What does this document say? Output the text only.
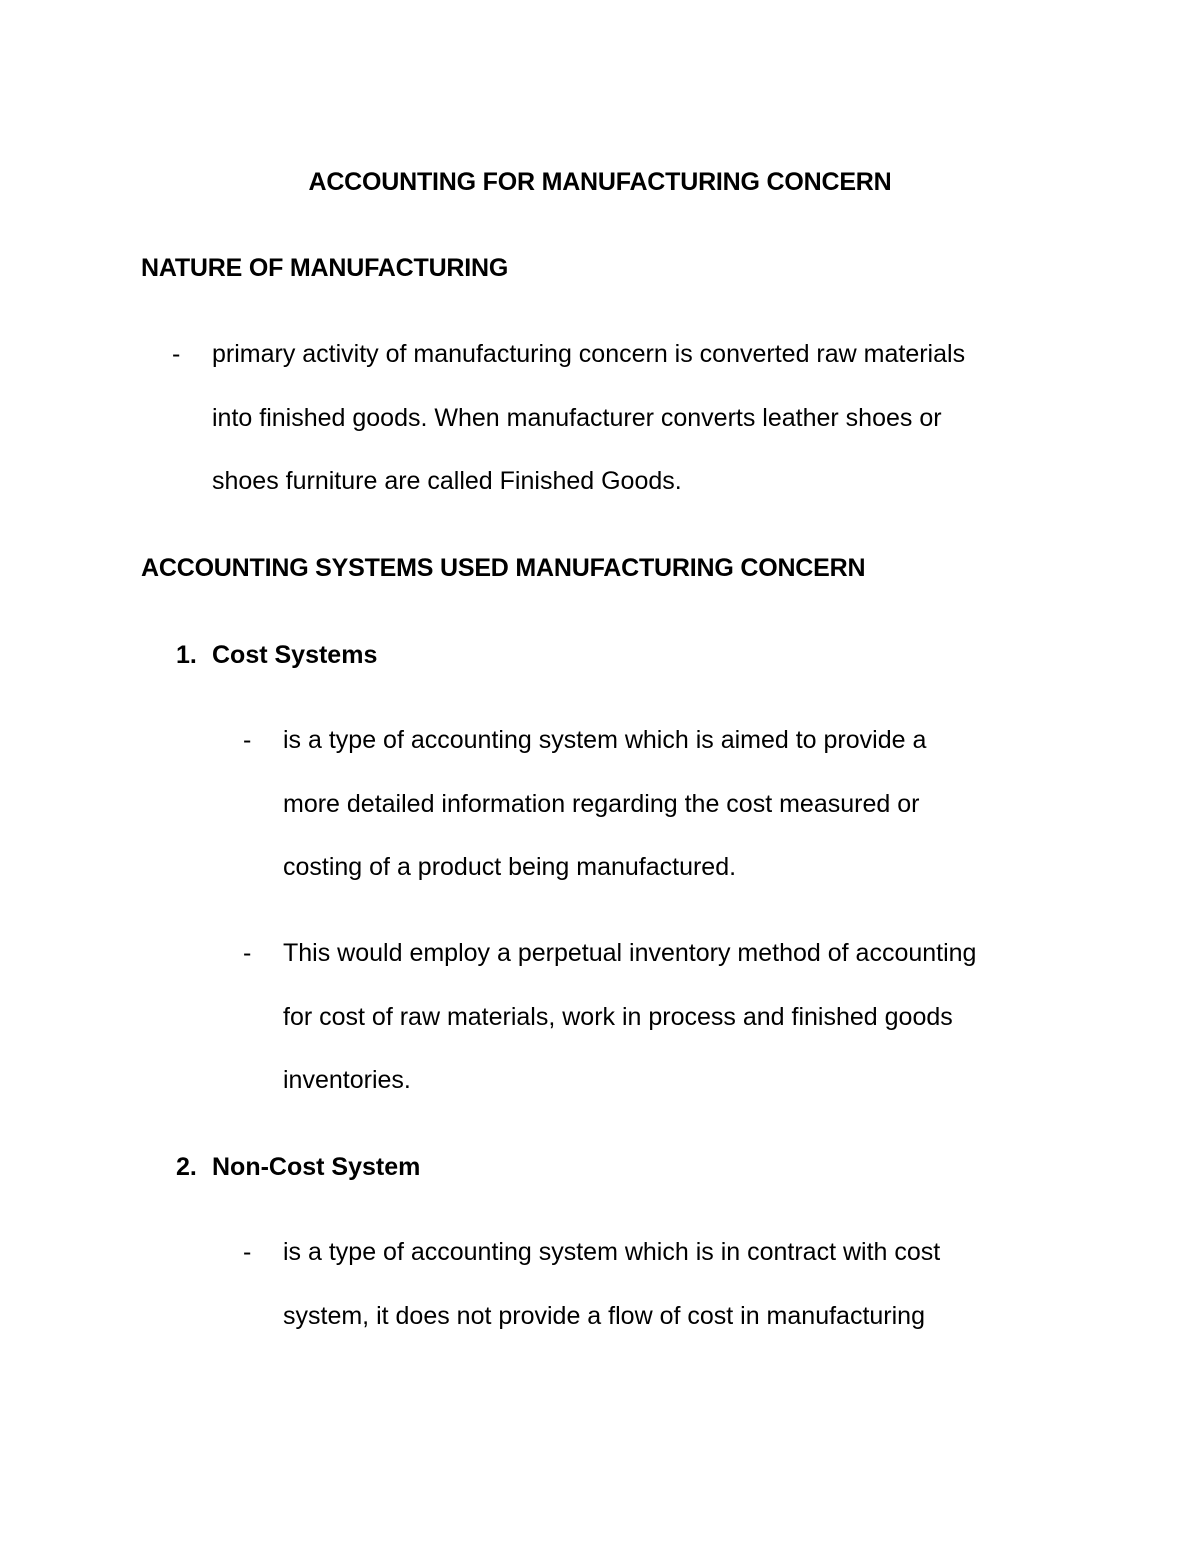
ACCOUNTING FOR MANUFACTURING CONCERN
NATURE OF MANUFACTURING
-	primary activity of manufacturing concern is converted raw materials
into finished goods. When manufacturer converts leather shoes or
shoes furniture are called Finished Goods.
ACCOUNTING SYSTEMS USED MANUFACTURING CONCERN
1. Cost Systems
-	is a type of accounting system which is aimed to provide a
more detailed information regarding the cost measured or
costing of a product being manufactured.
-	This would employ a perpetual inventory method of accounting
for cost of raw materials, work in process and finished goods
inventories.
2. Non-Cost System
-	is a type of accounting system which is in contract with cost
system, it does not provide a flow of cost in manufacturing
